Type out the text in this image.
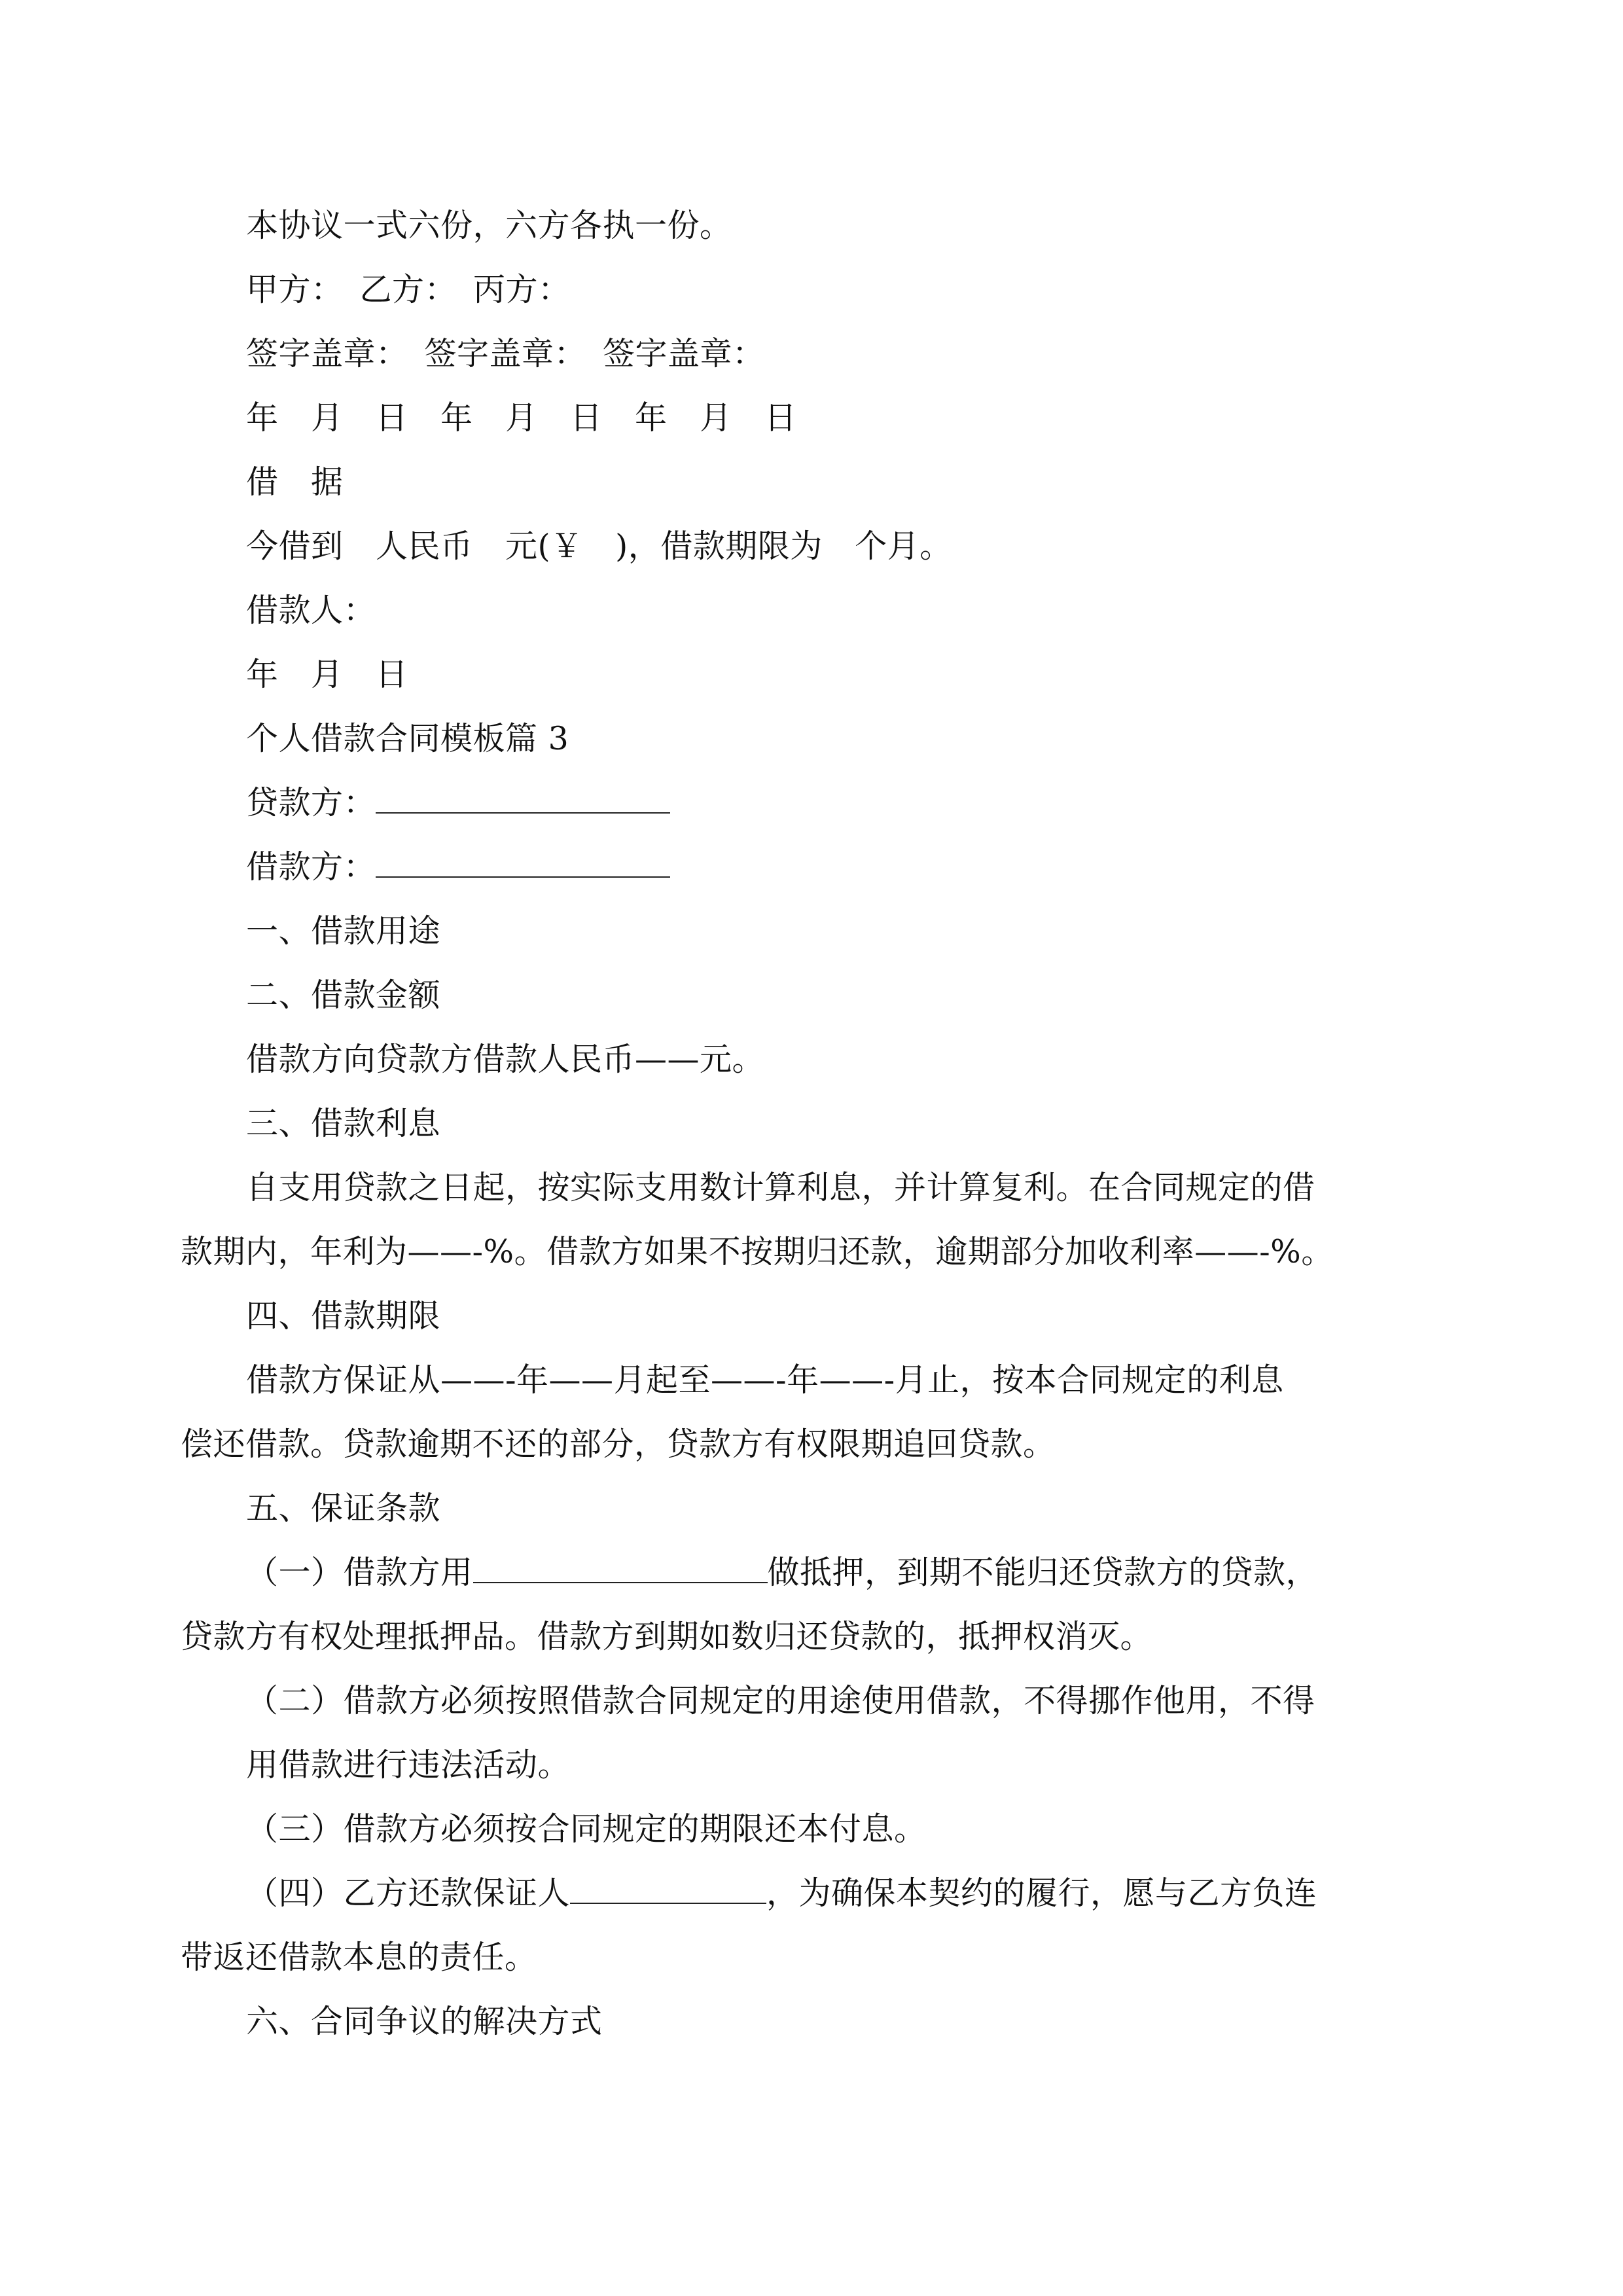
本协议一式六份，六方各执一份。
甲方：　乙方：　丙方：
签字盖章：　签字盖章：　签字盖章：
年　月　日　年　月　日　年　月　日
借　据
今借到　人民币　元(￥　)，借款期限为　个月。
借款人：
年　月　日
个人借款合同模板篇 3
贷款方：
借款方：
一、借款用途
二、借款金额
借款方向贷款方借款人民币——元。
三、借款利息
自支用贷款之日起，按实际支用数计算利息，并计算复利。在合同规定的借
款期内，年利为——-%。借款方如果不按期归还款，逾期部分加收利率——-%。
四、借款期限
借款方保证从——-年——月起至——-年——-月止，按本合同规定的利息
偿还借款。贷款逾期不还的部分，贷款方有权限期追回贷款。
五、保证条款
（一）借款方用	做抵押，到期不能归还贷款方的贷款，
贷款方有权处理抵押品。借款方到期如数归还贷款的，抵押权消灭。
（二）借款方必须按照借款合同规定的用途使用借款，不得挪作他用，不得
用借款进行违法活动。
（三）借款方必须按合同规定的期限还本付息。
（四）乙方还款保证人	，为确保本契约的履行，愿与乙方负连
带返还借款本息的责任。
六、合同争议的解决方式
